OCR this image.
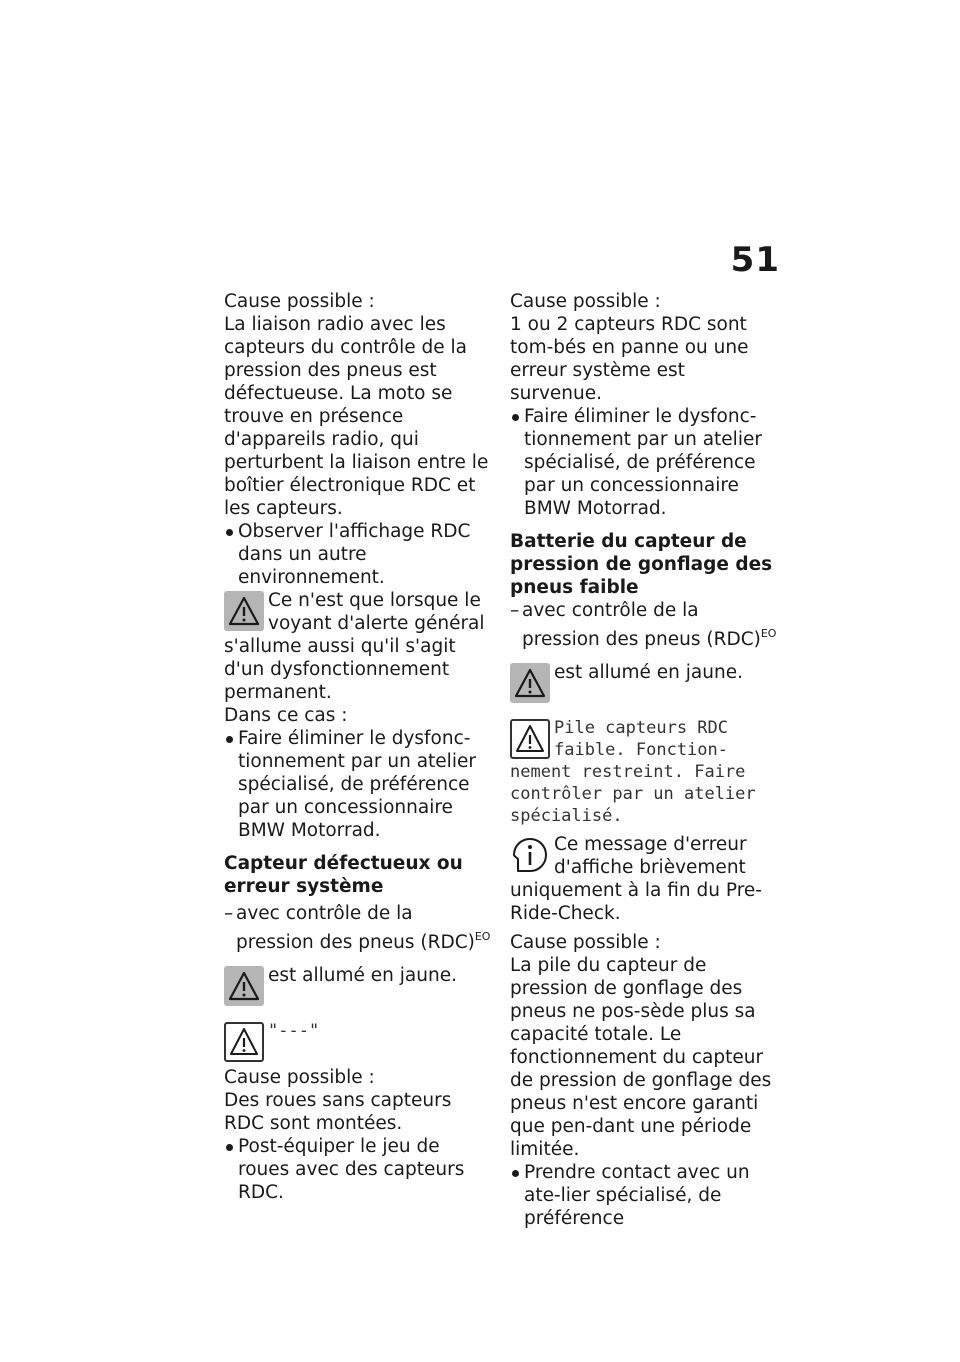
51

Cause possible :

La liaison radio avec les capteurs du contrôle de la pression des pneus est défectueuse. La moto se trouve en présence d'appareils radio, qui perturbent la liaison entre le boîtier électronique RDC et les capteurs.

Observer l'affichage RDC dans un autre environnement.

Ce n'est que lorsque le voyant d'alerte général s'allume aussi qu'il s'agit d'un dysfonctionnement permanent.

Dans ce cas :

Faire éliminer le dysfonc-tionnement par un atelier spécialisé, de préférence par un concessionnaire BMW Motorrad.

Capteur défectueux ou erreur système

– avec contrôle de la pression des pneus (RDC)$^{EO}$

est allumé en jaune.

"---"

Cause possible :

Des roues sans capteurs RDC sont montées.

Post-équiper le jeu de roues avec des capteurs RDC.

Cause possible :

1 ou 2 capteurs RDC sont tom-bés en panne ou une erreur système est survenue.

Faire éliminer le dysfonc-tionnement par un atelier spécialisé, de préférence par un concessionnaire BMW Motorrad.

Batterie du capteur de pression de gonflage des pneus faible

– avec contrôle de la pression des pneus (RDC)$^{EO}$

est allumé en jaune.

Pile capteurs RDC faible. Fonction-nement restreint. Faire contrôler par un atelier spécialisé.

Ce message d'erreur d'affiche brièvement uniquement à la fin du Pre-Ride-Check.

Cause possible :

La pile du capteur de pression de gonflage des pneus ne pos-sède plus sa capacité totale. Le fonctionnement du capteur de pression de gonflage des pneus n'est encore garanti que pen-dant une période limitée.

Prendre contact avec un ate-lier spécialisé, de préférence
